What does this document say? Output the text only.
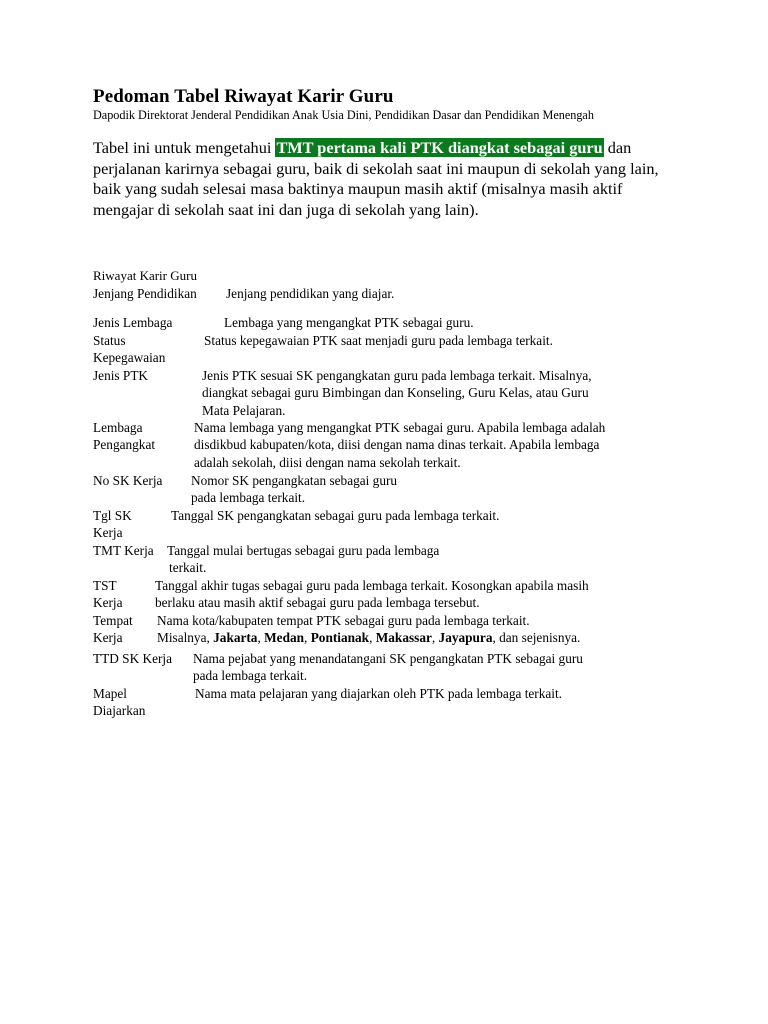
Pedoman Tabel Riwayat Karir Guru
Dapodik Direktorat Jenderal Pendidikan Anak Usia Dini, Pendidikan Dasar dan Pendidikan Menengah
Tabel ini untuk mengetahui TMT pertama kali PTK diangkat sebagai guru dan perjalanan karirnya sebagai guru, baik di sekolah saat ini maupun di sekolah yang lain, baik yang sudah selesai masa baktinya maupun masih aktif (misalnya masih aktif mengajar di sekolah saat ini dan juga di sekolah yang lain).
Riwayat Karir Guru
Jenjang Pendidikan Jenjang pendidikan yang diajar.
Jenis Lembaga	Lembaga yang mengangkat PTK sebagai guru.
Status
Kepegawaian
Status kepegawaian PTK saat menjadi guru pada lembaga terkait.
Jenis PTK	Jenis PTK sesuai SK pengangkatan guru pada lembaga terkait. Misalnya,
diangkat sebagai guru Bimbingan dan Konseling, Guru Kelas, atau Guru
Mata Pelajaran.
Lembaga
Pengangkat
Nama lembaga yang mengangkat PTK sebagai guru. Apabila lembaga adalah
disdikbud kabupaten/kota, diisi dengan nama dinas terkait. Apabila lembaga
adalah sekolah, diisi dengan nama sekolah terkait.
No SK Kerja Nomor SK pengangkatan sebagai guru
pada lembaga terkait.
Tgl SK
Kerja
Tanggal SK pengangkatan sebagai guru pada lembaga terkait.
TMT Kerja Tanggal mulai bertugas sebagai guru pada lembaga
terkait.
TST
Kerja
Tanggal akhir tugas sebagai guru pada lembaga terkait. Kosongkan apabila masih
berlaku atau masih aktif sebagai guru pada lembaga tersebut.
Tempat
Kerja
Nama kota/kabupaten tempat PTK sebagai guru pada lembaga terkait.
Misalnya, Jakarta, Medan, Pontianak, Makassar, Jayapura, dan sejenisnya.
TTD SK Kerja Nama pejabat yang menandatangani SK pengangkatan PTK sebagai guru
pada lembaga terkait.
Mapel
Diajarkan
Nama mata pelajaran yang diajarkan oleh PTK pada lembaga terkait.
